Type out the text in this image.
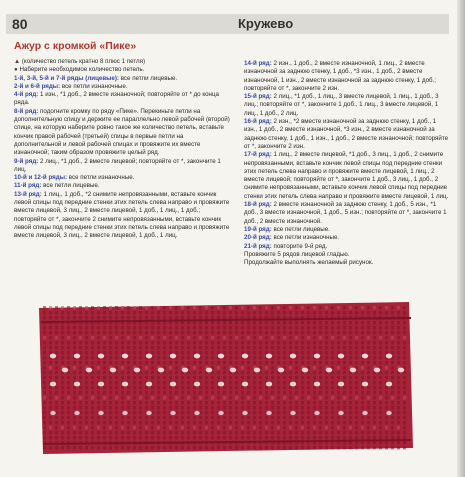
80	Кружево
Ажур с кромкой «Пике»

▲ (количество петель кратно 8 плюс 1 петля)

● Наберите необходимое количество петель.

1-й, 3-й, 5-й и 7-й ряды (лицевые): все петли лицевые.

2-й и 6-й ряды: все петли изнаночные.

4-й ряд: 1 изн., *1 доб., 2 вместе изнаночной; повторяйте от * до конца ряда.

8-й ряд: подогните кромку по ряду «Пике». Перекиньте петли на дополнительную спицу и держите ее параллельно левой рабочей (второй) спице, на которую наберите ровно такое же количество петель, вставьте кончик правой рабочей (третьей) спицы в первые петли на дополнительной и левой рабочей спицах и провяжите их вместе изнаночной; таким образом провяжите целый ряд.

9-й ряд: 2 лиц., *1 доб., 2 вместе лицевой; повторяйте от *, закончите 1 лиц.

10-й и 12-й ряды: все петли изнаночные.

11-й ряд: все петли лицевые.

13-й ряд: 1 лиц., 1 доб., *2 снимите непровязанными, вставьте кончик левой спицы под передние стенки этих петель слева направо и провяжите вместе лицевой, 3 лиц., 2 вместе лицевой, 1 доб., 1 лиц., 1 доб.; повторяйте от *, закончите 2 снимите непровязанными, вставьте кончик левой спицы под передние стенки этих петель слева направо и провяжите вместе лицевой, 3 лиц., 2 вместе лицевой, 1 доб., 1 лиц.

14-й ряд: 2 изн., 1 доб., 2 вместе изнаночной, 1 лиц., 2 вместе изнаночной за заднюю стенку, 1 доб., *3 изн., 1 доб., 2 вместе изнаночной, 1 изн., 2 вместе изнаночной за заднюю стенку, 1 доб.; повторяйте от *, закончите 2 изн.

15-й ряд: 2 лиц., *1 доб., 1 лиц., 3 вместе лицевой, 1 лиц., 1 доб., 3 лиц.; повторяйте от *, закончите 1 доб., 1 лиц., 3 вместе лицевой, 1 лиц., 1 доб., 2 лиц.

16-й ряд: 2 изн., *2 вместе изнаночной за заднюю стенку, 1 доб., 1 изн., 1 доб., 2 вместе изнаночной, *3 изн., 2 вместе изнаночной за заднюю стенку, 1 доб., 1 изн., 1 доб., 2 вместе изнаночной; повторяйте от *, закончите 2 изн.

17-й ряд: 1 лиц., 2 вместе лицевой, *1 доб., 3 лиц., 1 доб., 2 снимите непровязанными, вставьте кончик левой спицы под передние стенки этих петель слева направо и провяжите вместе лицевой, 1 лиц., 2 вместе лицевой; повторяйте от *, закончите 1 доб., 3 лиц., 1 доб., 2 снимите непровязанными, вставьте кончик левой спицы под передние стенки этих петель слева направо и провяжите вместе лицевой, 1 лиц.

18-й ряд: 2 вместе изнаночной за заднюю стенку, 1 доб., 5 изн., *1 доб., 3 вместе изнаночной, 1 доб., 5 изн.; повторяйте от *, закончите 1 доб., 2 вместе изнаночной.

19-й ряд: все петли лицевые.

20-й ряд: все петли изнаночные.

21-й ряд: повторите 9-й ряд.

Провяжите 5 рядов лицевой гладью.

Продолжайте выполнять желаемый рисунок.
